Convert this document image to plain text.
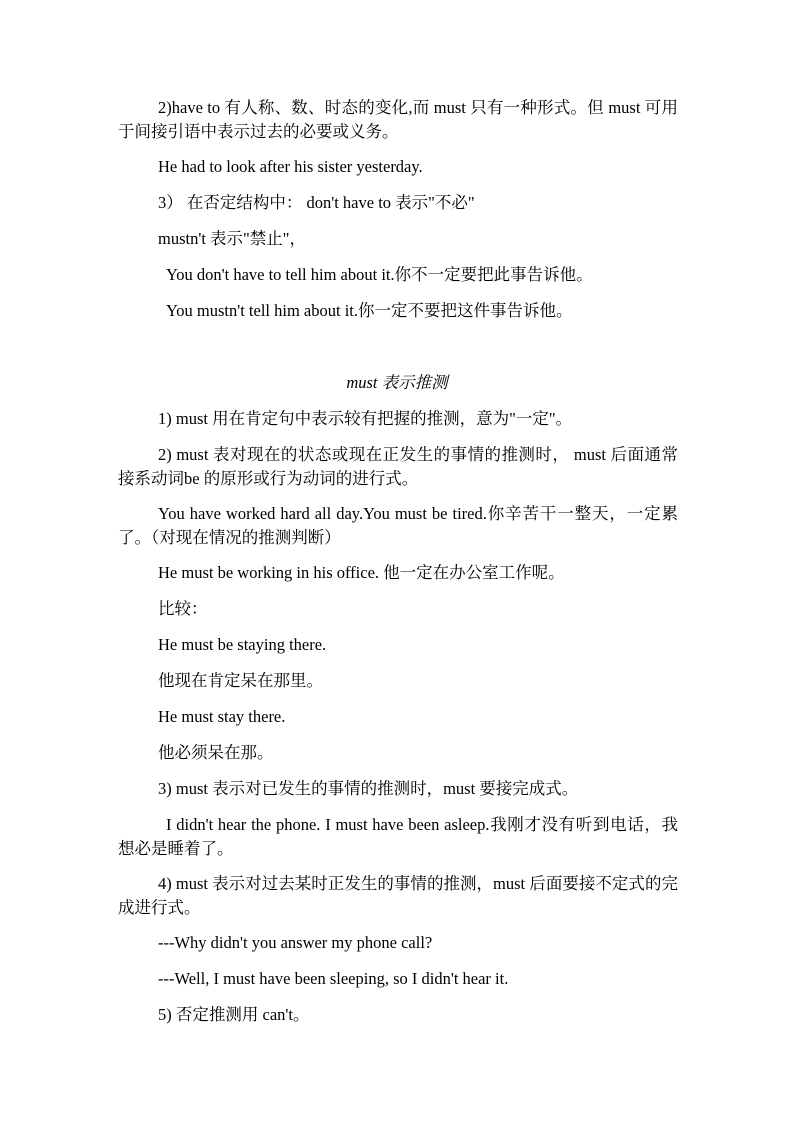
2)have to 有人称、数、时态的变化,而 must 只有一种形式。但 must 可用于间接引语中表示过去的必要或义务。
He had to look after his sister yesterday.
3） 在否定结构中： don't have to 表示"不必"
mustn't 表示"禁止"，
You don't have to tell him about it.你不一定要把此事告诉他。
You mustn't tell him about it.你一定不要把这件事告诉他。
must 表示推测
1) must 用在肯定句中表示较有把握的推测，意为"一定"。
2) must 表对现在的状态或现在正发生的事情的推测时， must 后面通常接系动词be 的原形或行为动词的进行式。
You have worked hard all day.You must be tired.你辛苦干一整天，一定累了。（对现在情况的推测判断）
He must be working in his office. 他一定在办公室工作呢。
比较：
He must be staying there.
他现在肯定呆在那里。
He must stay there.
他必须呆在那。
3) must 表示对已发生的事情的推测时，must 要接完成式。
I didn't hear the phone. I must have been asleep.我刚才没有听到电话，我想必是睡着了。
4) must 表示对过去某时正发生的事情的推测，must 后面要接不定式的完成进行式。
---Why didn't you answer my phone call?
---Well, I must have been sleeping, so I didn't hear it.
5) 否定推测用 can't。
